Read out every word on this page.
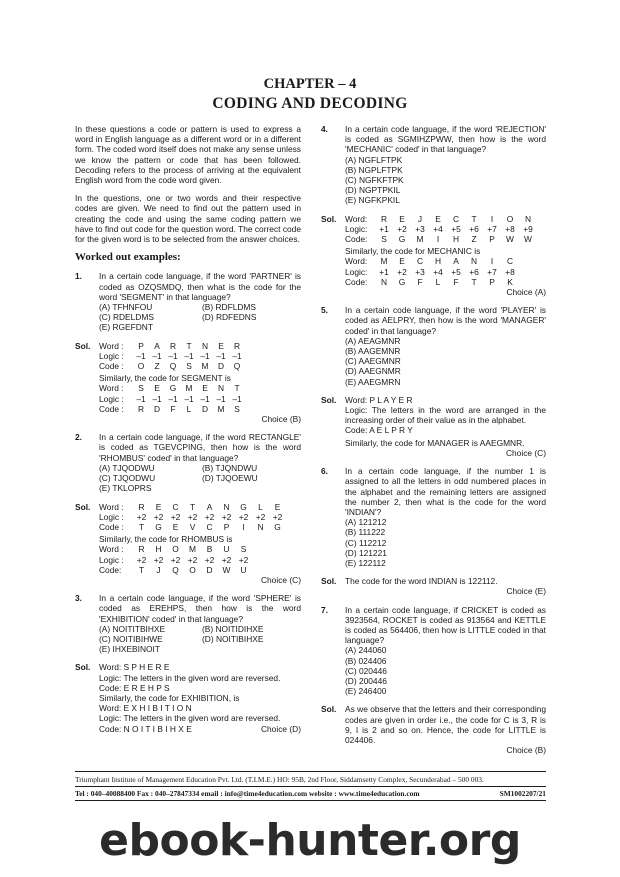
CHAPTER – 4
CODING AND DECODING

In these questions a code or pattern is used to express a word in English language as a different word or in a different form. The coded word itself does not make any sense unless we know the pattern or code that has been followed. Decoding refers to the process of arriving at the equivalent English word from the code word given.

In the questions, one or two words and their respective codes are given. We need to find out the pattern used in creating the code and using the same coding pattern we have to find out code for the question word. The correct code for the given word is to be selected from the answer choices.

Worked out examples:
1. In a certain code language, if the word 'PARTNER' is coded as OZQSMDQ, then what is the code for the word 'SEGMENT' in that language?
(A) TFHNFOU	(B) RDFLDMS
(C) RDELDMS	(D) RDFEDNS
(E) RGEFDNT
Sol. Word :	P	A	R	T	N	E	R
Logic :	–1 –1 –1 –1 –1 –1 –1
Code :	O	Z	Q	S	M	D	Q
Similarly, the code for SEGMENT is
Word :	S	E	G	M	E	N	T
Logic :	–1 –1 –1 –1 –1 –1 –1
Code :	R	D	F	L	D	M	S
Choice (B)
2. In a certain code language, if the word RECTANGLE' is coded as TGEVCPING, then how is the word 'RHOMBUS' coded' in that language?
(A) TJQODWU	(B) TJQNDWU
(C) TJQODWU	(D) TJQOEWU
(E) TKLOPRS
Sol. Word :	R	E	C	T	A	N	G	L	E
Logic :	+2 +2 +2 +2 +2 +2 +2 +2 +2
Code :	T	G	E	V	C	P	I	N	G
Similarly, the code for RHOMBUS is
Word :	R	H	O	M	B	U	S
Logic :	+2 +2 +2 +2 +2 +2 +2
Code:	T	J	Q	O	D	W	U
Choice (C)
3. In a certain code language, if the word 'SPHERE' is coded as EREHPS, then how is the word 'EXHIBITION' coded' in that language?
(A) NOITITBIHXE	(B) NOITIDIHXE
(C) NOITIBIHWE	(D) NOITIBIHXE
(E) IHXEBINOIT
Sol. Word: S P H E R E
Logic: The letters in the given word are reversed.
Code: E R E H P S
Similarly, the code for EXHIBITION, is
Word: E X H I B I T I O N
Logic: The letters in the given word are reversed.
Code: N O I T I B I H X E	Choice (D)
4. In a certain code language, if the word 'REJECTION' is coded as SGMIHZPWW, then how is the word 'MECHANIC' coded' in that language?
(A) NGFLFTPK
(B) NGPLFTPK
(C) NGFKFTPK
(D) NGPTPKIL
(E) NGFKPKIL
Sol. Word:	R	E	J	E	C	T	I	O	N
Logic:	+1	+2	+3	+4	+5	+6	+7	+8	+9
Code:	S	G	M	I	H	Z	P	W	W
Similarly, the code for MECHANIC is
Word:	M	E	C	H	A	N	I	C
Logic:	+1	+2	+3	+4	+5	+6	+7	+8
Code:	N	G	F	L	F	T	P	K
Choice (A)
5. In a certain code language, if the word 'PLAYER' is coded as AELPRY, then how is the word 'MANAGER' coded' in that language?
(A) AEAGMNR
(B) AAGEMNR
(C) AAEGMNR
(D) AAEGNMR
(E) AAEGMRN
Sol. Word: P L A Y E R
Logic: The letters in the word are arranged in the increasing order of their value as in the alphabet.
Code: A E L P R Y
Similarly, the code for MANAGER is AAEGMNR.
Choice (C)
6. In a certain code language, if the number 1 is assigned to all the letters in odd numbered places in the alphabet and the remaining letters are assigned the number 2, then what is the code for the word 'INDIAN'?
(A) 121212
(B) 111222
(C) 112212
(D) 121221
(E) 122112
Sol. The code for the word INDIAN is 122112.
Choice (E)
7. In a certain code language, if CRICKET is coded as 3923564, ROCKET is coded as 913564 and KETTLE is coded as 564406, then how is LITTLE coded in that language?
(A) 244060
(B) 024406
(C) 020446
(D) 200446
(E) 246400
Sol. As we observe that the letters and their corresponding codes are given in order i.e., the code for C is 3, R is 9, I is 2 and so on. Hence, the code for LITTLE is 024406.
Choice (B)
Triumphant Institute of Management Education Pvt. Ltd. (T.I.M.E.) HO: 95B, 2nd Floor, Siddamsetty Complex, Secunderabad – 500 003.
Tel : 040–40088400 Fax : 040–27847334 email : info@time4education.com website : www.time4education.com	SM1002207/21
ebook-hunter.org
